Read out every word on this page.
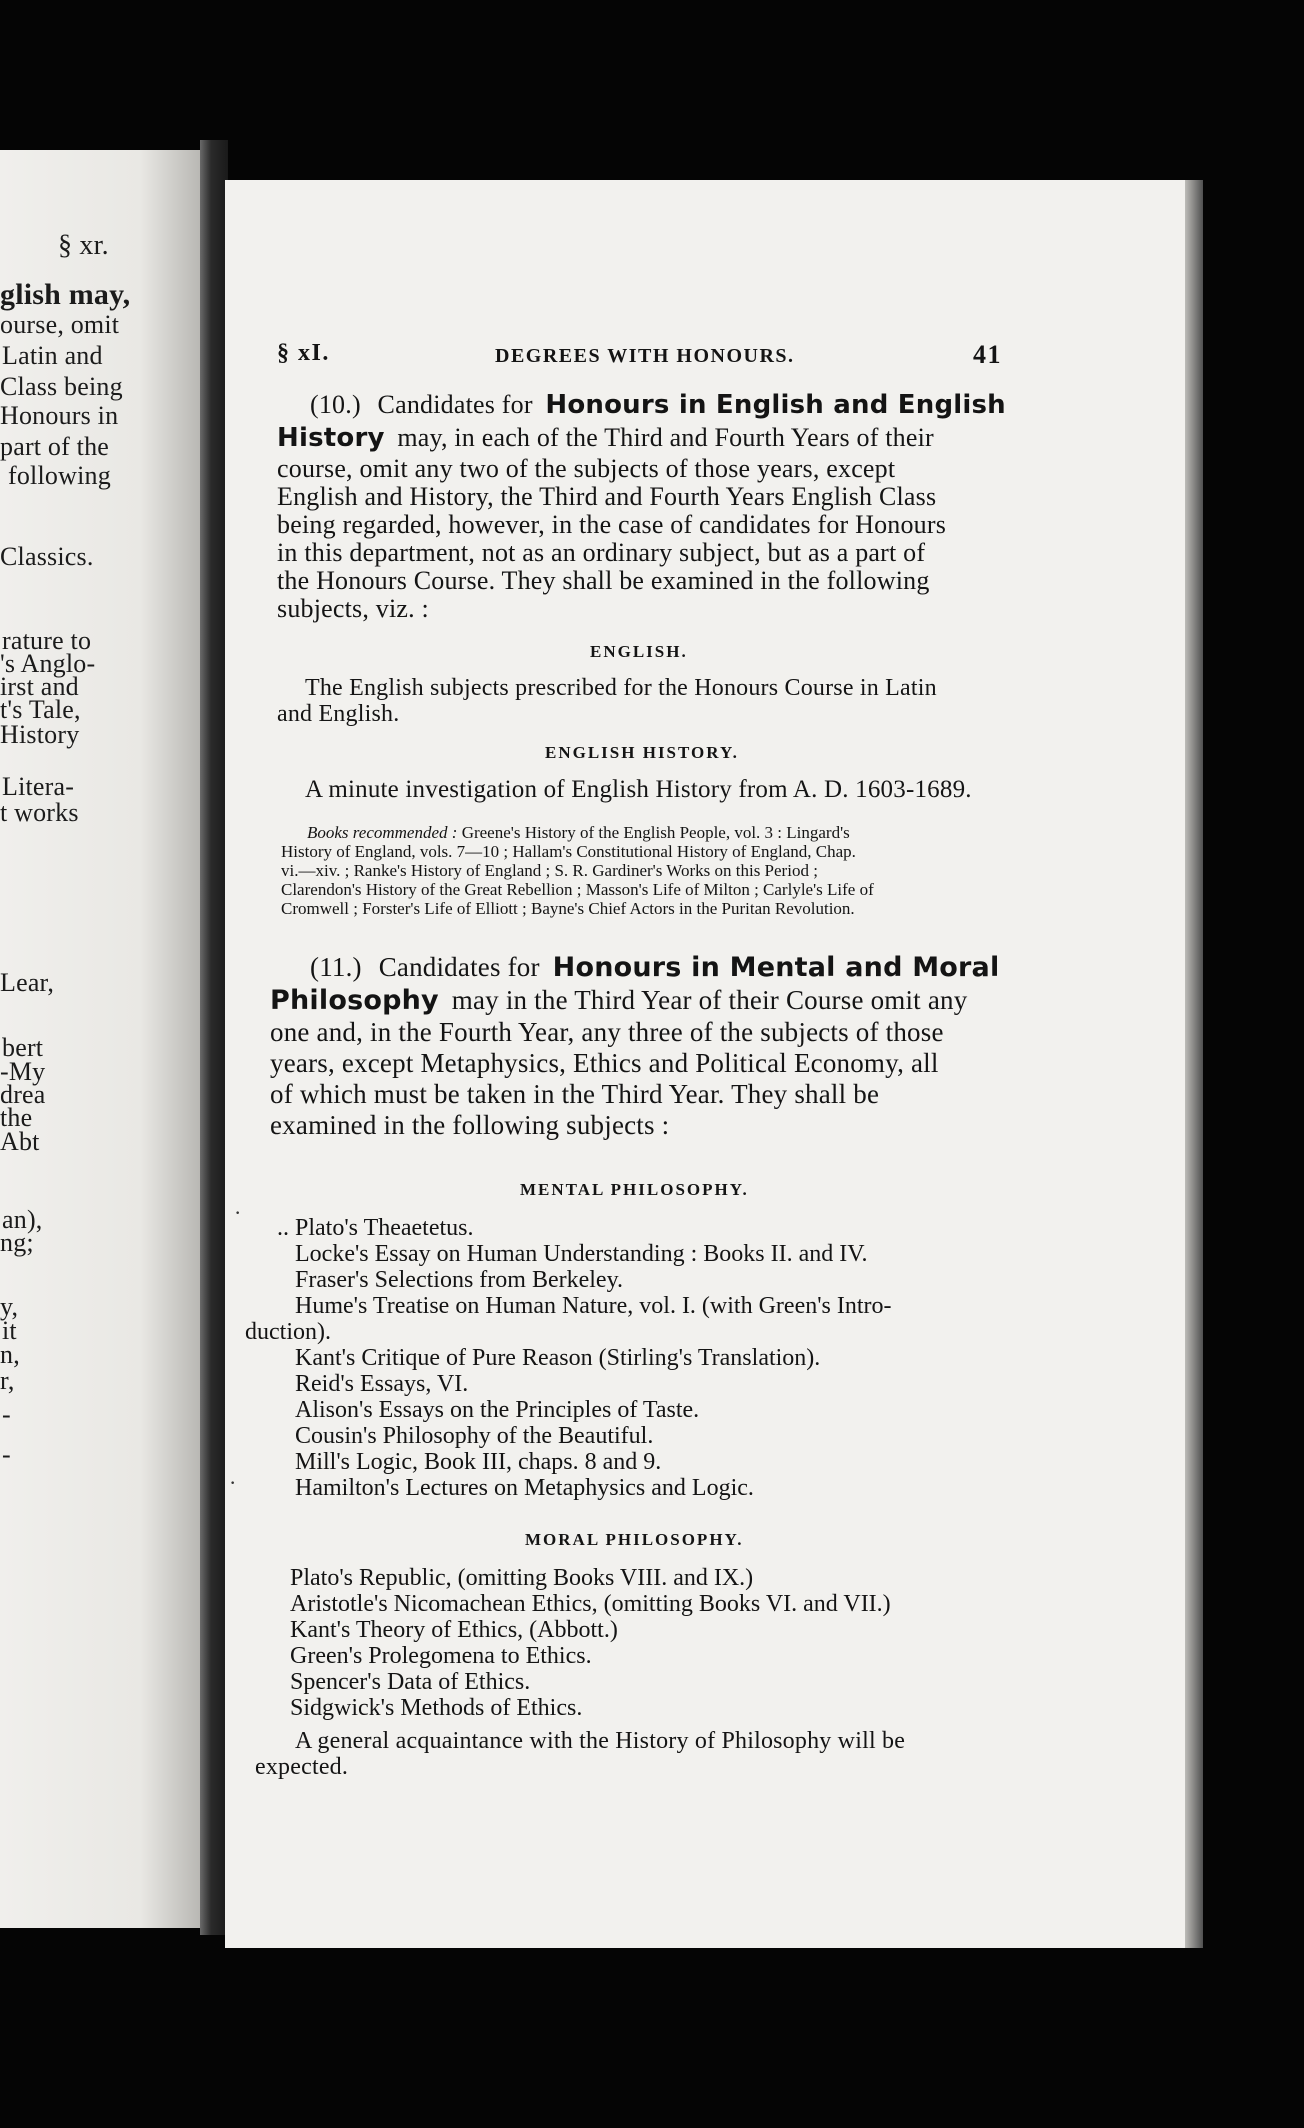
§ xr.
glish may,
ourse, omit
Latin and
Class being
Honours in
part of the
following
Classics.
rature to
's Anglo-
irst and
t's Tale,
History
Litera-
t works
Lear,
bert
-My
drea
the
Abt
an),
ng;
y,
it
n,
r,
-
-
§ xI.	DEGREES WITH HONOURS.	41
(10.) Candidates for Honours in English and English
History may, in each of the Third and Fourth Years of their
course, omit any two of the subjects of those years, except
English and History, the Third and Fourth Years English Class
being regarded, however, in the case of candidates for Honours
in this department, not as an ordinary subject, but as a part of
the Honours Course. They shall be examined in the following
subjects, viz. :
ENGLISH.
The English subjects prescribed for the Honours Course in Latin
and English.
ENGLISH HISTORY.
A minute investigation of English History from A. D. 1603-1689.
Books recommended : Greene's History of the English People, vol. 3 : Lingard's
History of England, vols. 7—10 ; Hallam's Constitutional History of England, Chap.
vi.—xiv. ; Ranke's History of England ; S. R. Gardiner's Works on this Period ;
Clarendon's History of the Great Rebellion ; Masson's Life of Milton ; Carlyle's Life of
Cromwell ; Forster's Life of Elliott ; Bayne's Chief Actors in the Puritan Revolution.
(11.) Candidates for Honours in Mental and Moral
Philosophy may in the Third Year of their Course omit any
one and, in the Fourth Year, any three of the subjects of those
years, except Metaphysics, Ethics and Political Economy, all
of which must be taken in the Third Year. They shall be
examined in the following subjects :
MENTAL PHILOSOPHY.
.. Plato's Theaetetus.
Locke's Essay on Human Understanding : Books II. and IV.
Fraser's Selections from Berkeley.
Hume's Treatise on Human Nature, vol. I. (with Green's Intro-
duction).
Kant's Critique of Pure Reason (Stirling's Translation).
Reid's Essays, VI.
Alison's Essays on the Principles of Taste.
Cousin's Philosophy of the Beautiful.
Mill's Logic, Book III, chaps. 8 and 9.
Hamilton's Lectures on Metaphysics and Logic.
MORAL PHILOSOPHY.
Plato's Republic, (omitting Books VIII. and IX.)
Aristotle's Nicomachean Ethics, (omitting Books VI. and VII.)
Kant's Theory of Ethics, (Abbott.)
Green's Prolegomena to Ethics.
Spencer's Data of Ethics.
Sidgwick's Methods of Ethics.
A general acquaintance with the History of Philosophy will be
expected.
·
·
